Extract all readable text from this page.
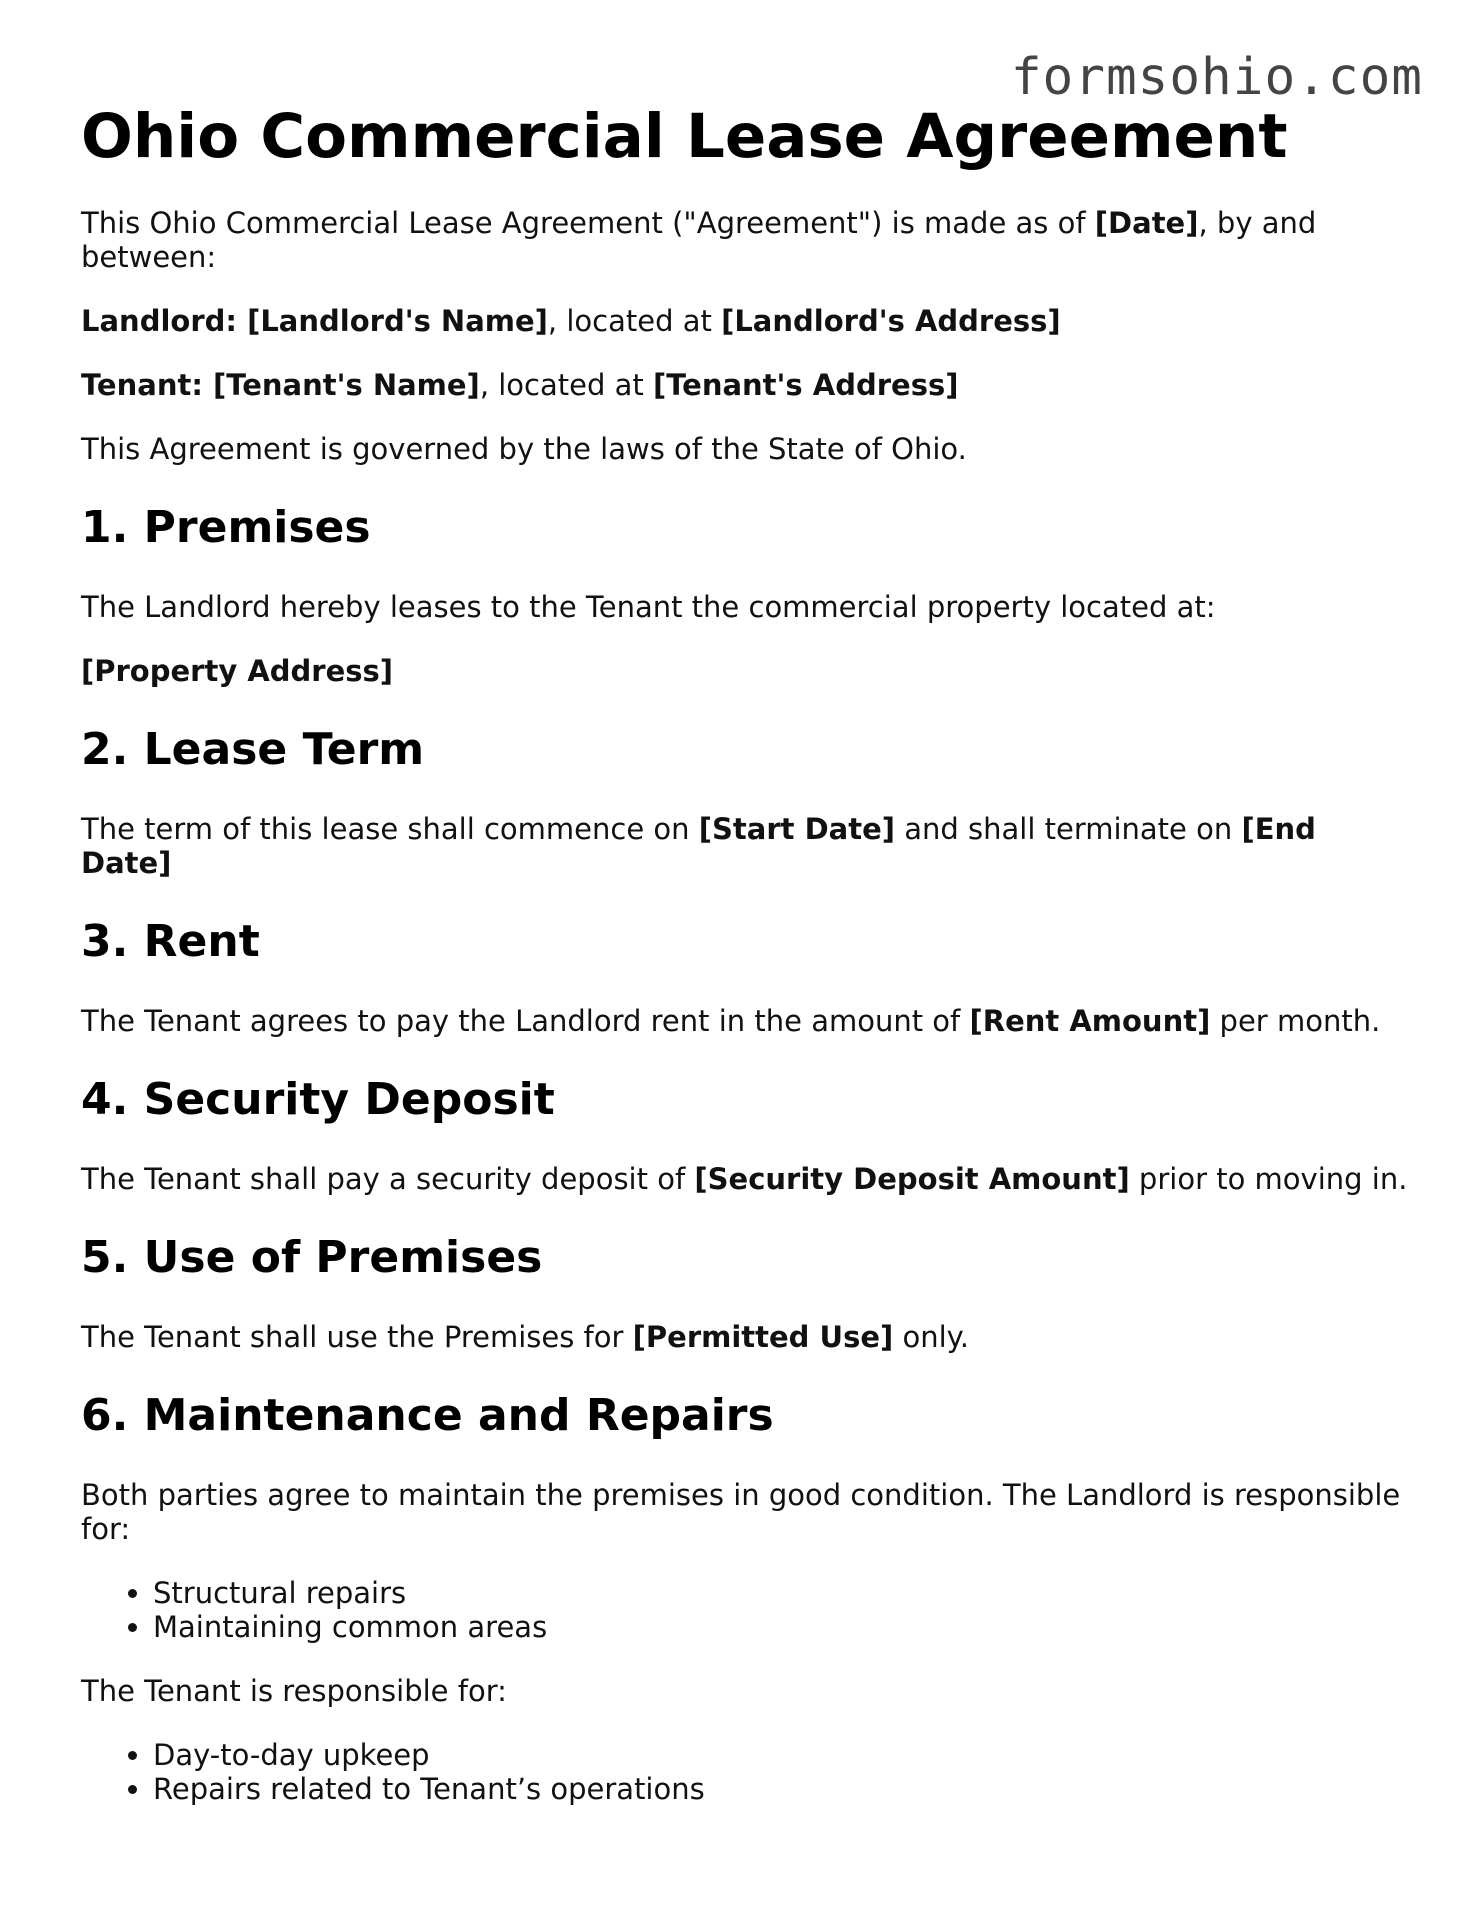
formsohio.com
Ohio Commercial Lease Agreement

This Ohio Commercial Lease Agreement ("Agreement") is made as of [Date], by and between:

Landlord: [Landlord's Name], located at [Landlord's Address]

Tenant: [Tenant's Name], located at [Tenant's Address]

This Agreement is governed by the laws of the State of Ohio.

1. Premises

The Landlord hereby leases to the Tenant the commercial property located at:

[Property Address]

2. Lease Term

The term of this lease shall commence on [Start Date] and shall terminate on [End Date]

3. Rent

The Tenant agrees to pay the Landlord rent in the amount of [Rent Amount] per month.

4. Security Deposit

The Tenant shall pay a security deposit of [Security Deposit Amount] prior to moving in.

5. Use of Premises

The Tenant shall use the Premises for [Permitted Use] only.

6. Maintenance and Repairs

Both parties agree to maintain the premises in good condition. The Landlord is responsible for:

• Structural repairs
• Maintaining common areas

The Tenant is responsible for:

• Day-to-day upkeep
• Repairs related to Tenant’s operations
